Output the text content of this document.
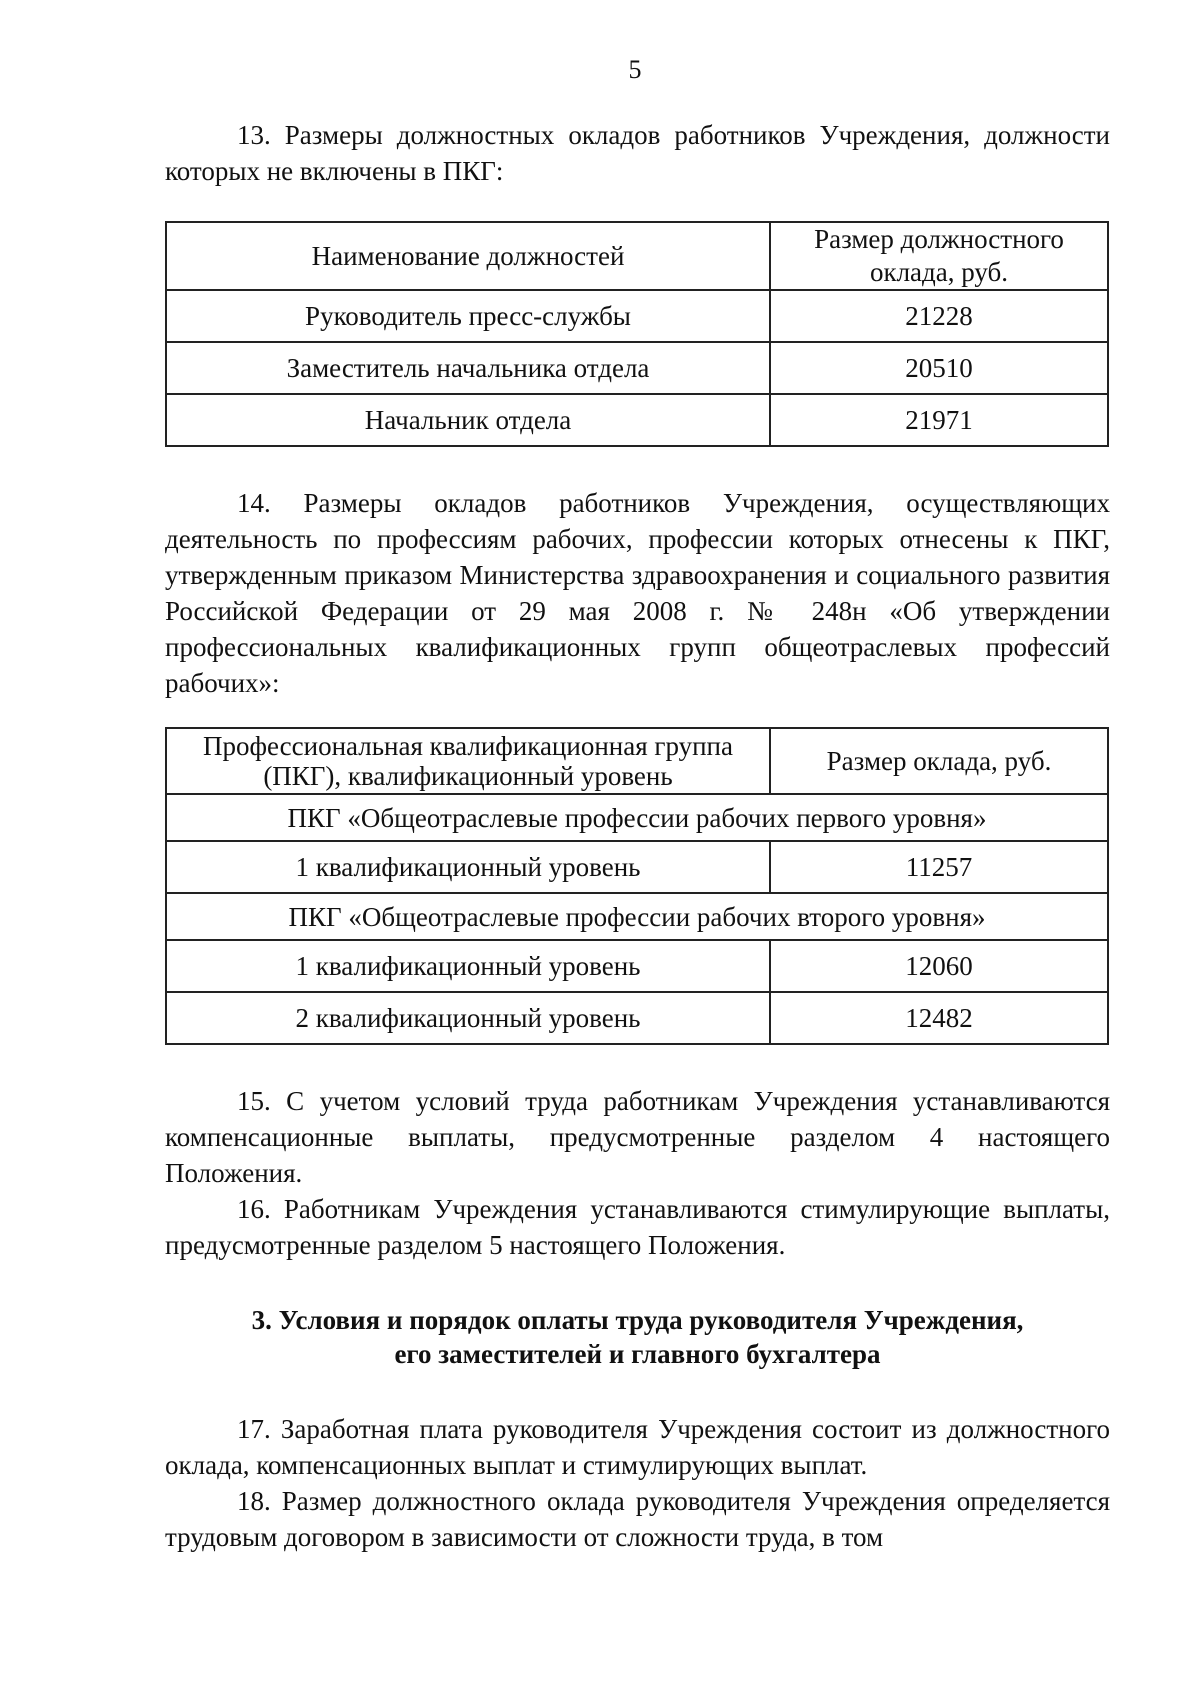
5

13. Размеры должностных окладов работников Учреждения, должности которых не включены в ПКГ:

Наименование должностей	Размер должностного оклада, руб.
Руководитель пресс-службы	21228
Заместитель начальника отдела	20510
Начальник отдела	21971

14. Размеры окладов работников Учреждения, осуществляющих деятельность по профессиям рабочих, профессии которых отнесены к ПКГ, утвержденным приказом Министерства здравоохранения и социального развития Российской Федерации от 29 мая 2008 г. № 248н «Об утверждении профессиональных квалификационных групп общеотраслевых профессий рабочих»:

Профессиональная квалификационная группа (ПКГ), квалификационный уровень	Размер оклада, руб.
ПКГ «Общеотраслевые профессии рабочих первого уровня»	
1 квалификационный уровень	11257
ПКГ «Общеотраслевые профессии рабочих второго уровня»	
1 квалификационный уровень	12060
2 квалификационный уровень	12482

15. С учетом условий труда работникам Учреждения устанавливаются компенсационные выплаты, предусмотренные разделом 4 настоящего Положения.

16. Работникам Учреждения устанавливаются стимулирующие выплаты, предусмотренные разделом 5 настоящего Положения.

3. Условия и порядок оплаты труда руководителя Учреждения,
его заместителей и главного бухгалтера

17. Заработная плата руководителя Учреждения состоит из должностного оклада, компенсационных выплат и стимулирующих выплат.

18. Размер должностного оклада руководителя Учреждения определяется трудовым договором в зависимости от сложности труда, в том
